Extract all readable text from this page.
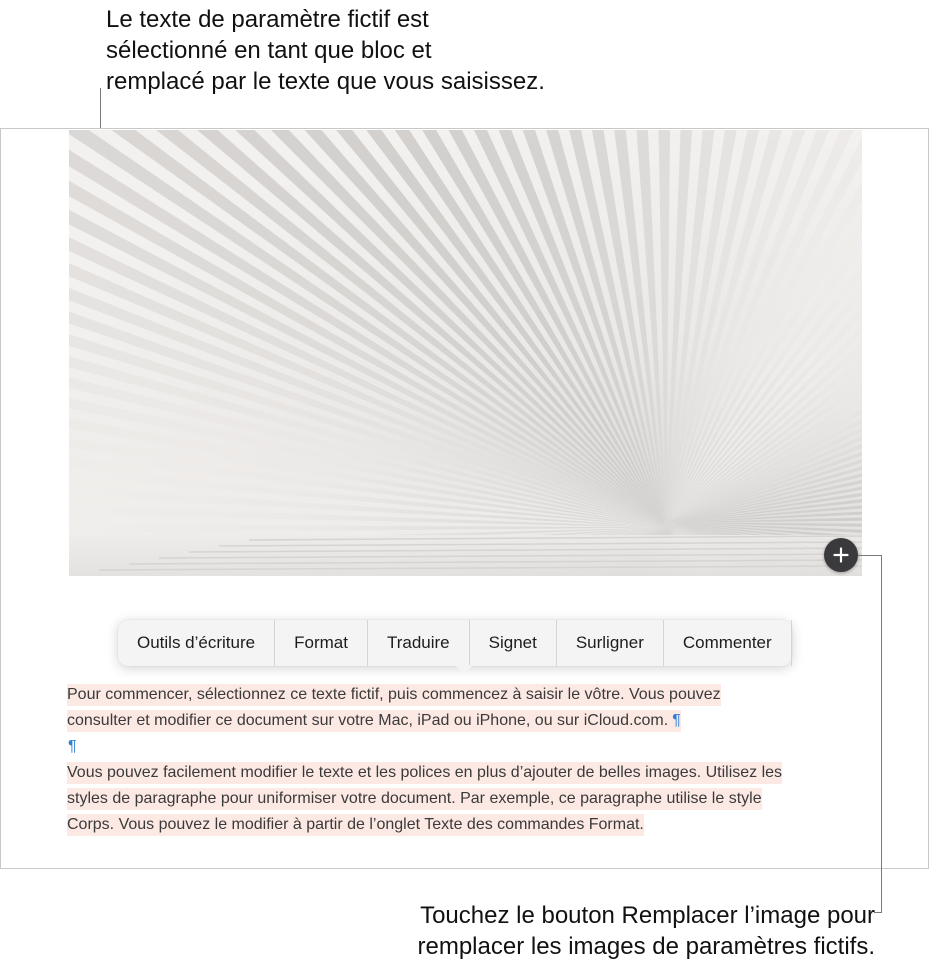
Le texte de paramètre fictif est
sélectionné en tant que bloc et
remplacé par le texte que vous saisissez.

Outils d’écriture	Format	Traduire	Signet	Surligner	Commenter
Pour commencer, sélectionnez ce texte fictif, puis commencez à saisir le vôtre. Vous pouvez
consulter et modifier ce document sur votre Mac, iPad ou iPhone, ou sur iCloud.com. ¶
¶
Vous pouvez facilement modifier le texte et les polices en plus d’ajouter de belles images. Utilisez les
styles de paragraphe pour uniformiser votre document. Par exemple, ce paragraphe utilise le style
Corps. Vous pouvez le modifier à partir de l’onglet Texte des commandes Format.

Touchez le bouton Remplacer l’image pour
remplacer les images de paramètres fictifs.
